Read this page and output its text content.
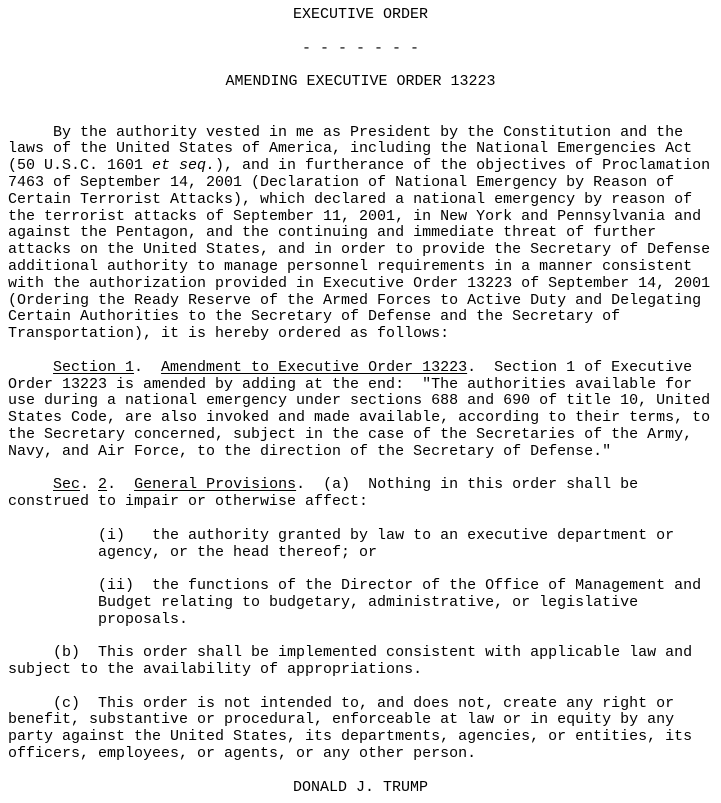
EXECUTIVE ORDER

- - - - - - -

AMENDING EXECUTIVE ORDER 13223

By the authority vested in me as President by the Constitution and the
laws of the United States of America, including the National Emergencies Act
(50 U.S.C. 1601 et seq.), and in furtherance of the objectives of Proclamation
7463 of September 14, 2001 (Declaration of National Emergency by Reason of
Certain Terrorist Attacks), which declared a national emergency by reason of
the terrorist attacks of September 11, 2001, in New York and Pennsylvania and
against the Pentagon, and the continuing and immediate threat of further
attacks on the United States, and in order to provide the Secretary of Defense
additional authority to manage personnel requirements in a manner consistent
with the authorization provided in Executive Order 13223 of September 14, 2001
(Ordering the Ready Reserve of the Armed Forces to Active Duty and Delegating
Certain Authorities to the Secretary of Defense and the Secretary of
Transportation), it is hereby ordered as follows:

Section 1.  Amendment to Executive Order 13223.  Section 1 of Executive
Order 13223 is amended by adding at the end:  "The authorities available for
use during a national emergency under sections 688 and 690 of title 10, United
States Code, are also invoked and made available, according to their terms, to
the Secretary concerned, subject in the case of the Secretaries of the Army,
Navy, and Air Force, to the direction of the Secretary of Defense."

Sec. 2.  General Provisions.  (a)  Nothing in this order shall be
construed to impair or otherwise affect:

(i)   the authority granted by law to an executive department or
agency, or the head thereof; or

(ii)  the functions of the Director of the Office of Management and
Budget relating to budgetary, administrative, or legislative
proposals.

(b)  This order shall be implemented consistent with applicable law and
subject to the availability of appropriations.

(c)  This order is not intended to, and does not, create any right or
benefit, substantive or procedural, enforceable at law or in equity by any
party against the United States, its departments, agencies, or entities, its
officers, employees, or agents, or any other person.

DONALD J. TRUMP
